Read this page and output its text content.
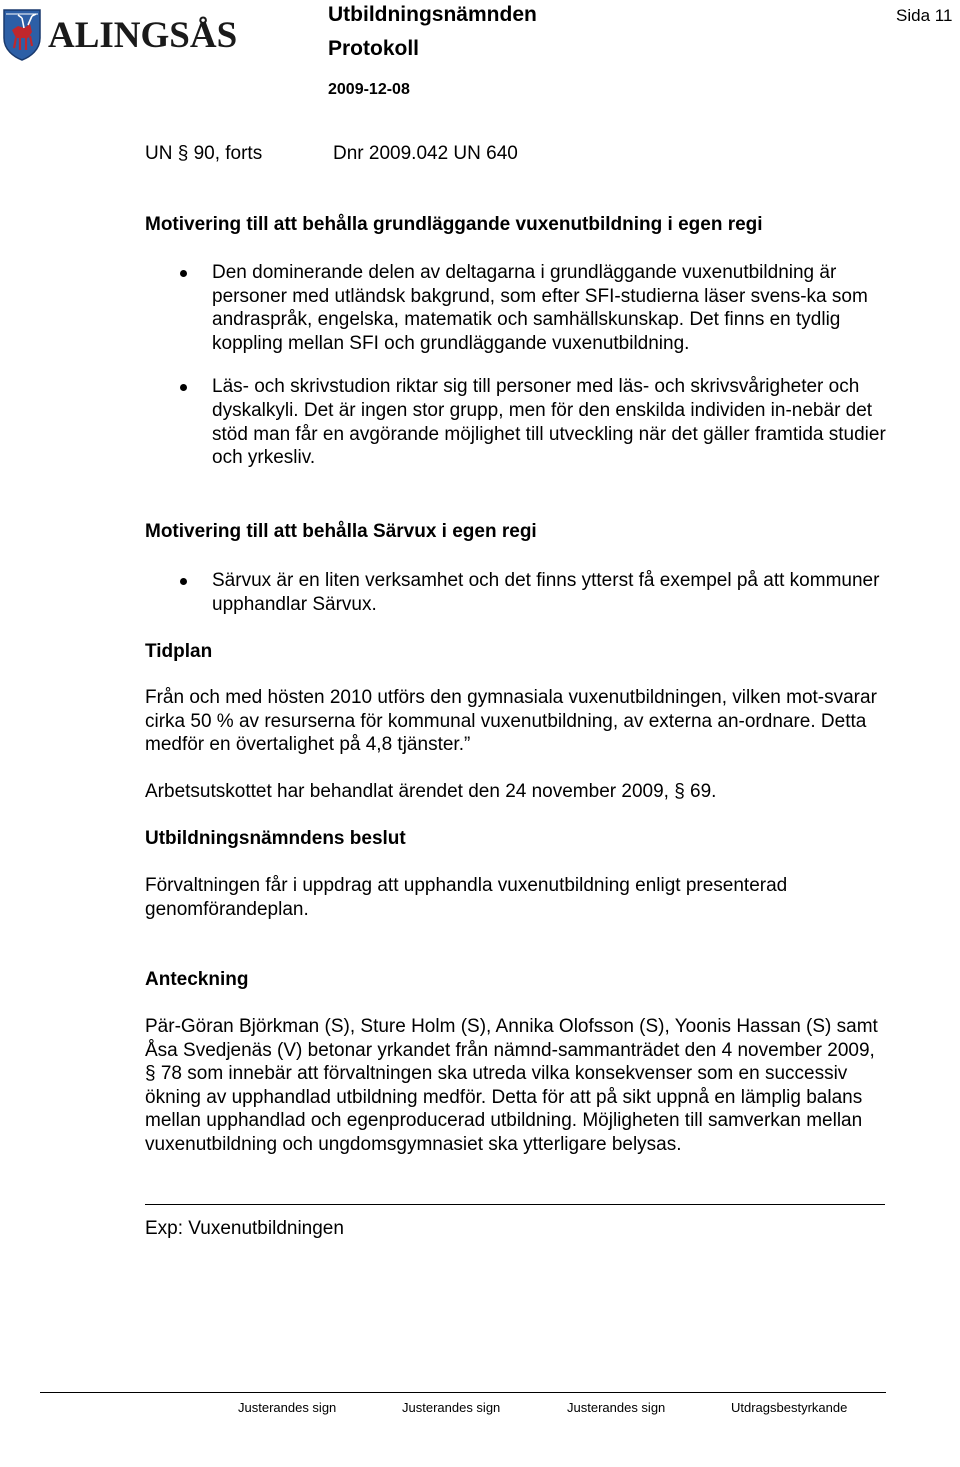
ALINGSÅS
Utbildningsnämnden
Protokoll
2009-12-08
Sida 11
UN § 90, forts	Dnr 2009.042 UN 640
Motivering till att behålla grundläggande vuxenutbildning i egen regi
Den dominerande delen av deltagarna i grundläggande vuxenutbildning är personer med utländsk bakgrund, som efter SFI-studierna läser svens-ka som andraspråk, engelska, matematik och samhällskunskap. Det finns en tydlig koppling mellan SFI och grundläggande vuxenutbildning.
Läs- och skrivstudion riktar sig till personer med läs- och skrivsvårigheter och dyskalkyli. Det är ingen stor grupp, men för den enskilda individen in-nebär det stöd man får en avgörande möjlighet till utveckling när det gäller framtida studier och yrkesliv.
Motivering till att behålla Särvux i egen regi
Särvux är en liten verksamhet och det finns ytterst få exempel på att kommuner upphandlar Särvux.
Tidplan
Från och med hösten 2010 utförs den gymnasiala vuxenutbildningen, vilken mot-svarar cirka 50 % av resurserna för kommunal vuxenutbildning, av externa an-ordnare. Detta medför en övertalighet på 4,8 tjänster.”
Arbetsutskottet har behandlat ärendet den 24 november 2009, § 69.
Utbildningsnämndens beslut
Förvaltningen får i uppdrag att upphandla vuxenutbildning enligt presenterad genomförandeplan.
Anteckning
Pär-Göran Björkman (S), Sture Holm (S), Annika Olofsson (S), Yoonis Hassan (S) samt Åsa Svedjenäs (V) betonar yrkandet från nämnd-sammanträdet den 4 november 2009, § 78 som innebär att förvaltningen ska utreda vilka konsekvenser som en successiv ökning av upphandlad utbildning medför. Detta för att på sikt uppnå en lämplig balans mellan upphandlad och egenproducerad utbildning. Möjligheten till samverkan mellan vuxenutbildning och ungdomsgymnasiet ska ytterligare belysas.
Exp: Vuxenutbildningen
Justerandes sign	Justerandes sign	Justerandes sign	Utdragsbestyrkande
